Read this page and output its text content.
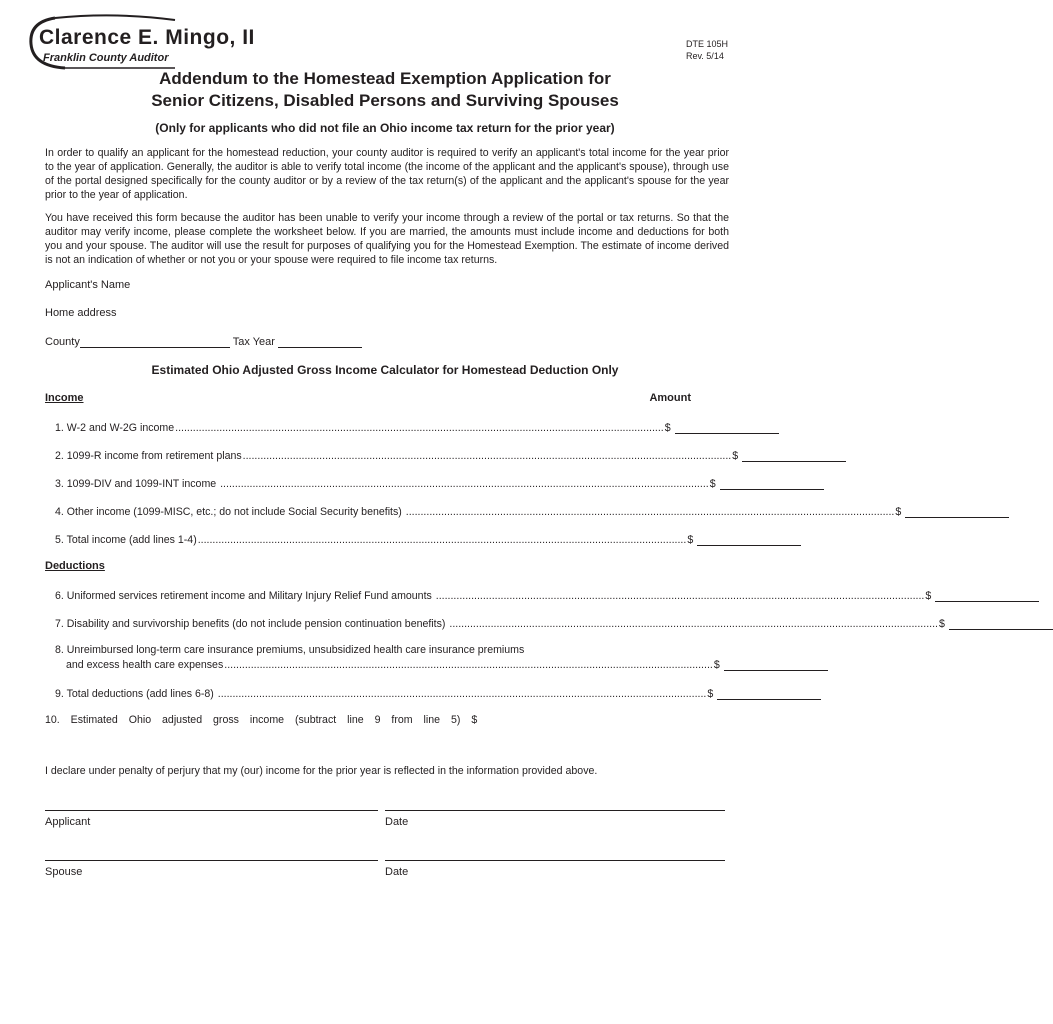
Clarence E. Mingo, II
Franklin County Auditor
DTE 105H
Rev. 5/14
Addendum to the Homestead Exemption Application for
Senior Citizens, Disabled Persons and Surviving Spouses
(Only for applicants who did not file an Ohio income tax return for the prior year)
In order to qualify an applicant for the homestead reduction, your county auditor is required to verify an applicant's total income for the year prior to the year of application. Generally, the auditor is able to verify total income (the income of the applicant and the applicant's spouse), through use of the portal designed specifically for the county auditor or by a review of the tax return(s) of the applicant and the applicant's spouse for the year prior to the year of application.
You have received this form because the auditor has been unable to verify your income through a review of the portal or tax returns. So that the auditor may verify income, please complete the worksheet below. If you are married, the amounts must include income and deductions for both you and your spouse. The auditor will use the result for purposes of qualifying you for the Homestead Exemption. The estimate of income derived is not an indication of whether or not you or your spouse were required to file income tax returns.
Applicant's Name
Home address
County	Tax Year
Estimated Ohio Adjusted Gross Income Calculator for Homestead Deduction Only
Income	Amount
1. W-2 and W-2G income ...................................................................................................................................................................... $
2. 1099-R income from retirement plans ...................................................................................................................................................................... $
3. 1099-DIV and 1099-INT income ...................................................................................................................................................................... $
4. Other income (1099-MISC, etc.; do not include Social Security benefits) ...................................................................................................................................................................... $
5. Total income (add lines 1-4) ...................................................................................................................................................................... $
Deductions
6. Uniformed services retirement income and Military Injury Relief Fund amounts ...................................................................................................................................................................... $
7. Disability and survivorship benefits (do not include pension continuation benefits) ...................................................................................................................................................................... $
8. Unreimbursed long-term care insurance premiums, unsubsidized health care insurance premiums
and excess health care expenses ...................................................................................................................................................................... $
9. Total deductions (add lines 6-8) ...................................................................................................................................................................... $
10. Estimated Ohio adjusted gross income (subtract line 9 from line 5) $
I declare under penalty of perjury that my (our) income for the prior year is reflected in the information provided above.
Applicant	Date
Spouse	Date
